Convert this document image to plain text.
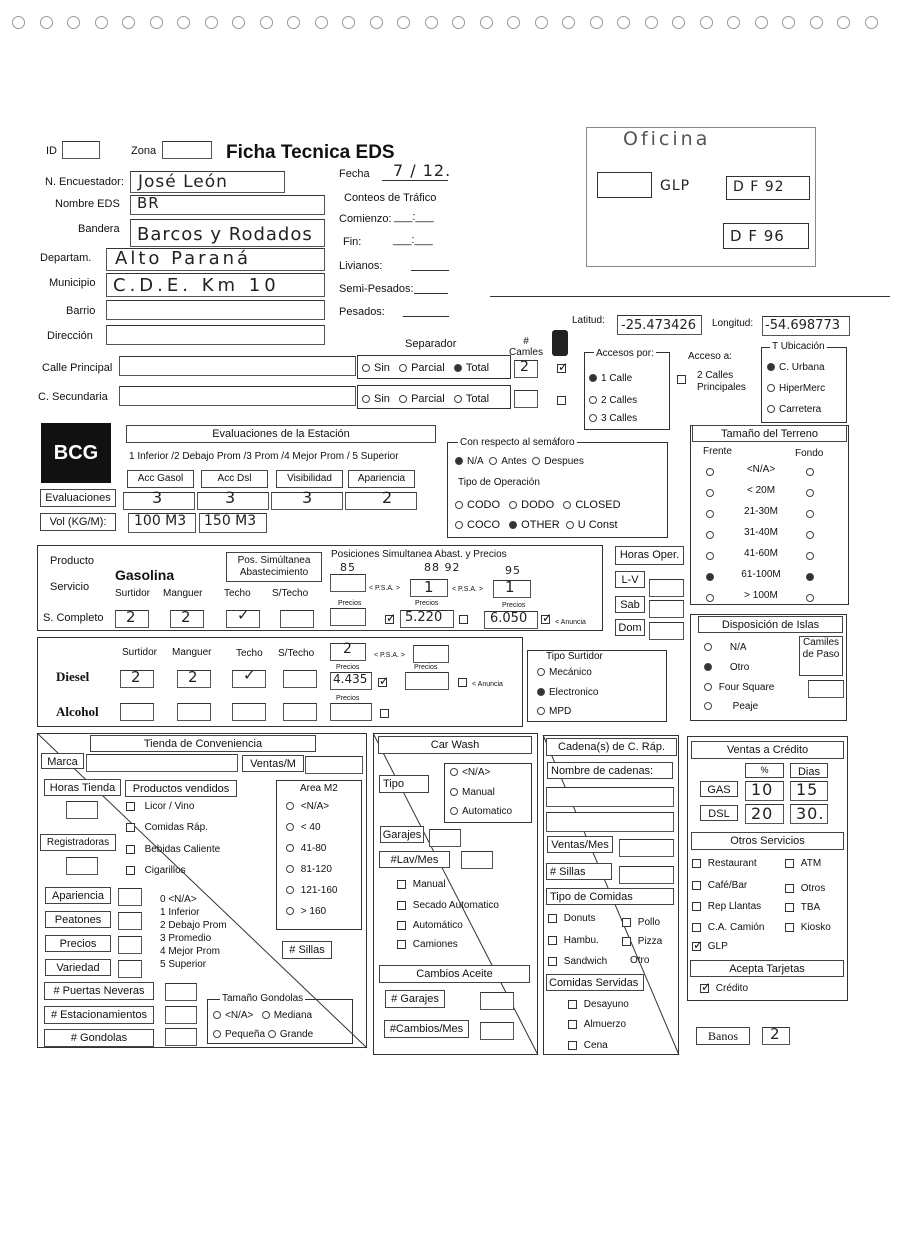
ID	Zona	Ficha Tecnica EDS
N. Encuestador: José León
Nombre EDS BR
Bandera Barcos y Rodados
Departam. Alto Paraná
Municipio C.D.E. Km 10
Barrio
Dirección
Fecha 7 / 12.
Conteos de Tráfico
Comienzo: ___:___
Fin:	___:___
Livianos:
Semi-Pesados:
Pesados:
Oficina
GLP	D F 92
D F 96
Latitud: -25.473426 Longitud: -54.698773
Calle Principal
C. Secundaria
Separador
Sin Parcial Total
Sin Parcial Total
# Camles
2
✓
Accesos por:
1 Calle
2 Calles
3 Calles
Acceso a:
2 Calles Principales
T Ubicación
C. Urbana
HiperMerc
Carretera
BCG
Evaluaciones de la Estación
1 Inferior /2 Debajo Prom /3 Prom /4 Mejor Prom / 5 Superior
Acc Gasol	Acc Dsl	Visibilidad	Apariencia
Evaluaciones	3	3	3	2
Vol (KG/M):	100 M3 150 M3
Con respecto al semáforo
N/A Antes Despues
Tipo de Operación
CODO DODO CLOSED
COCO OTHER U Const
Tamaño del Terreno
Frente	Fondo
<N/A>
< 20M
21-30M
31-40M
41-60M
61-100M
> 100M
Producto
Servicio
Gasolina
Pos. Simúltanea Abastecimiento
Posiciones Simultanea Abast. y Precios
85	88 92	95
Surtidor Manguer Techo S/Techo	< P.S.A. > 1 < P.S.A. > 1
S. Completo 2	2	✓
Precios
✓	Precios
5.220
Precios
6.050
✓	< Anuncia
Horas Oper.
L-V
Sab
Dom
Surtidor Manguer Techo S/Techo 2	< P.S.A. >
Diesel	2	2	✓	Precios
4.435
✓
Precios
< Anuncia
Precios
Alcohol
Tipo Surtidor
Mecánico
Electronico
MPD
Disposición de Islas
N/A
Otro
Four Square
Peaje
Camiles de Paso
Tienda de Conveniencia
Marca	Ventas/M
Horas Tienda	Productos vendidos
Licor / Vino
Comidas Ráp.
Bebidas Caliente
Cigarillos
Registradoras
Area M2
<N/A>
< 40
41-80
81-120
121-160
> 160
# Sillas
Apariencia
Peatones
Precios
Variedad
0 <N/A>
1 Inferior
2 Debajo Prom
3 Promedio
4 Mejor Prom
5 Superior
# Puertas Neveras
# Estacionamientos
# Gondolas
Tamaño Gondolas
<N/A> Mediana
Pequeña Grande
Car Wash
Tipo
<N/A>
Manual
Automatico
Garajes
#Lav/Mes
Manual
Secado Automatico
Automático
Camiones
Cambios Aceite
# Garajes
#Cambios/Mes
Cadena(s) de C. Ráp.
Nombre de cadenas:
Ventas/Mes
# Sillas
Tipo de Comidas
Donuts	Pollo
Hambu.	Pizza
Sandwich Otro
Comidas Servidas
Desayuno
Almuerzo
Cena
Ventas a Crédito
%	Dias
GAS	10 15
DSL	20 30.
Otros Servicios
Restaurant	ATM
Café/Bar	Otros
Rep Llantas	TBA
C.A. Camión	Kiosko
✓ GLP
Acepta Tarjetas
✓ Crédito
Banos	2
